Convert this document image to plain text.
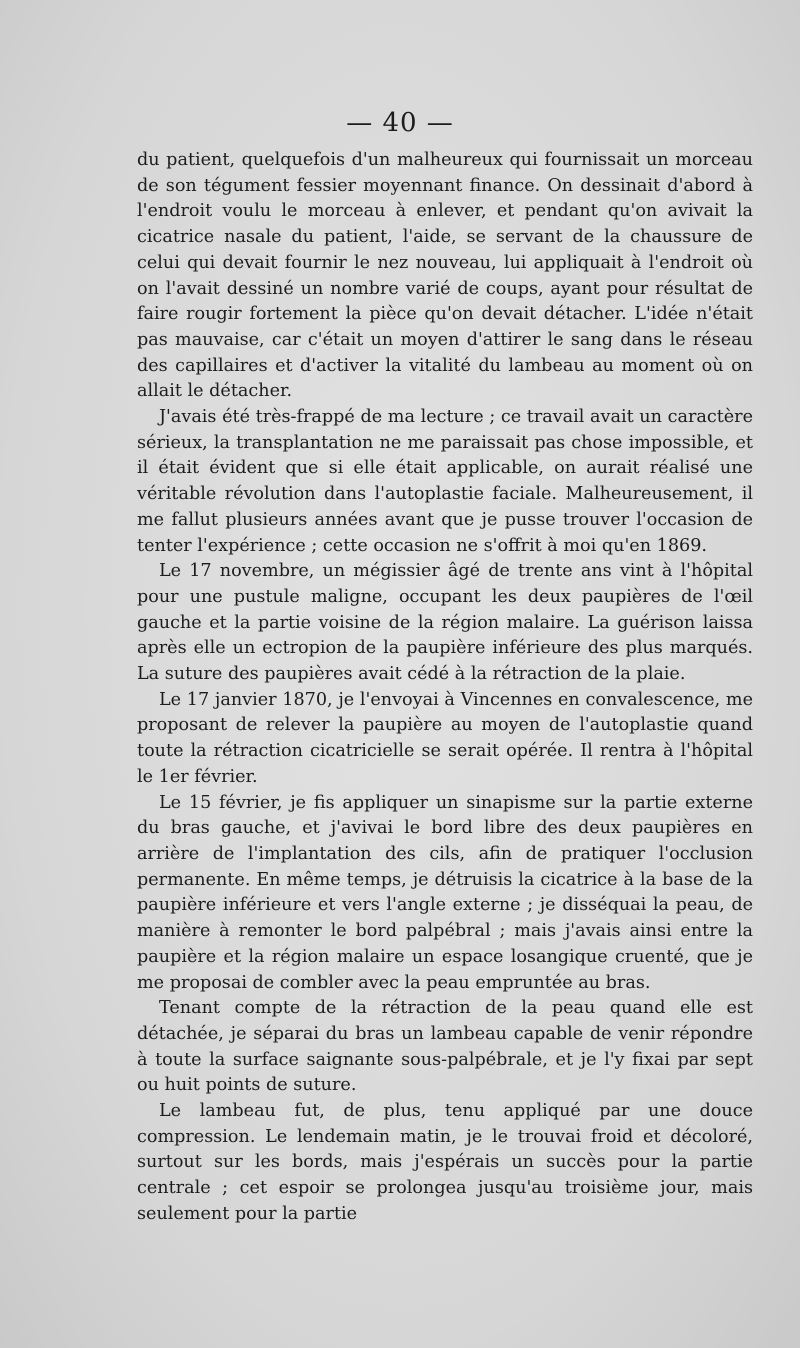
— 40 —

du patient, quelquefois d'un malheureux qui fournissait un morceau de son tégument fessier moyennant finance. On dessinait d'abord à l'endroit voulu le morceau à enlever, et pendant qu'on avivait la cicatrice nasale du patient, l'aide, se servant de la chaussure de celui qui devait fournir le nez nouveau, lui appliquait à l'endroit où on l'avait dessiné un nombre varié de coups, ayant pour résultat de faire rougir fortement la pièce qu'on devait détacher. L'idée n'était pas mauvaise, car c'était un moyen d'attirer le sang dans le réseau des capillaires et d'activer la vitalité du lambeau au moment où on allait le détacher.

J'avais été très-frappé de ma lecture ; ce travail avait un caractère sérieux, la transplantation ne me paraissait pas chose impossible, et il était évident que si elle était applicable, on aurait réalisé une véritable révolution dans l'autoplastie faciale. Malheureusement, il me fallut plusieurs années avant que je pusse trouver l'occasion de tenter l'expérience ; cette occasion ne s'offrit à moi qu'en 1869.

Le 17 novembre, un mégissier âgé de trente ans vint à l'hôpital pour une pustule maligne, occupant les deux paupières de l'œil gauche et la partie voisine de la région malaire. La guérison laissa après elle un ectropion de la paupière inférieure des plus marqués. La suture des paupières avait cédé à la rétraction de la plaie.

Le 17 janvier 1870, je l'envoyai à Vincennes en convalescence, me proposant de relever la paupière au moyen de l'autoplastie quand toute la rétraction cicatricielle se serait opérée. Il rentra à l'hôpital le 1er février.

Le 15 février, je fis appliquer un sinapisme sur la partie externe du bras gauche, et j'avivai le bord libre des deux paupières en arrière de l'implantation des cils, afin de pratiquer l'occlusion permanente. En même temps, je détruisis la cicatrice à la base de la paupière inférieure et vers l'angle externe ; je disséquai la peau, de manière à remonter le bord palpébral ; mais j'avais ainsi entre la paupière et la région malaire un espace losangique cruenté, que je me proposai de combler avec la peau empruntée au bras.

Tenant compte de la rétraction de la peau quand elle est détachée, je séparai du bras un lambeau capable de venir répondre à toute la surface saignante sous-palpébrale, et je l'y fixai par sept ou huit points de suture.

Le lambeau fut, de plus, tenu appliqué par une douce compression. Le lendemain matin, je le trouvai froid et décoloré, surtout sur les bords, mais j'espérais un succès pour la partie centrale ; cet espoir se prolongea jusqu'au troisième jour, mais seulement pour la partie
